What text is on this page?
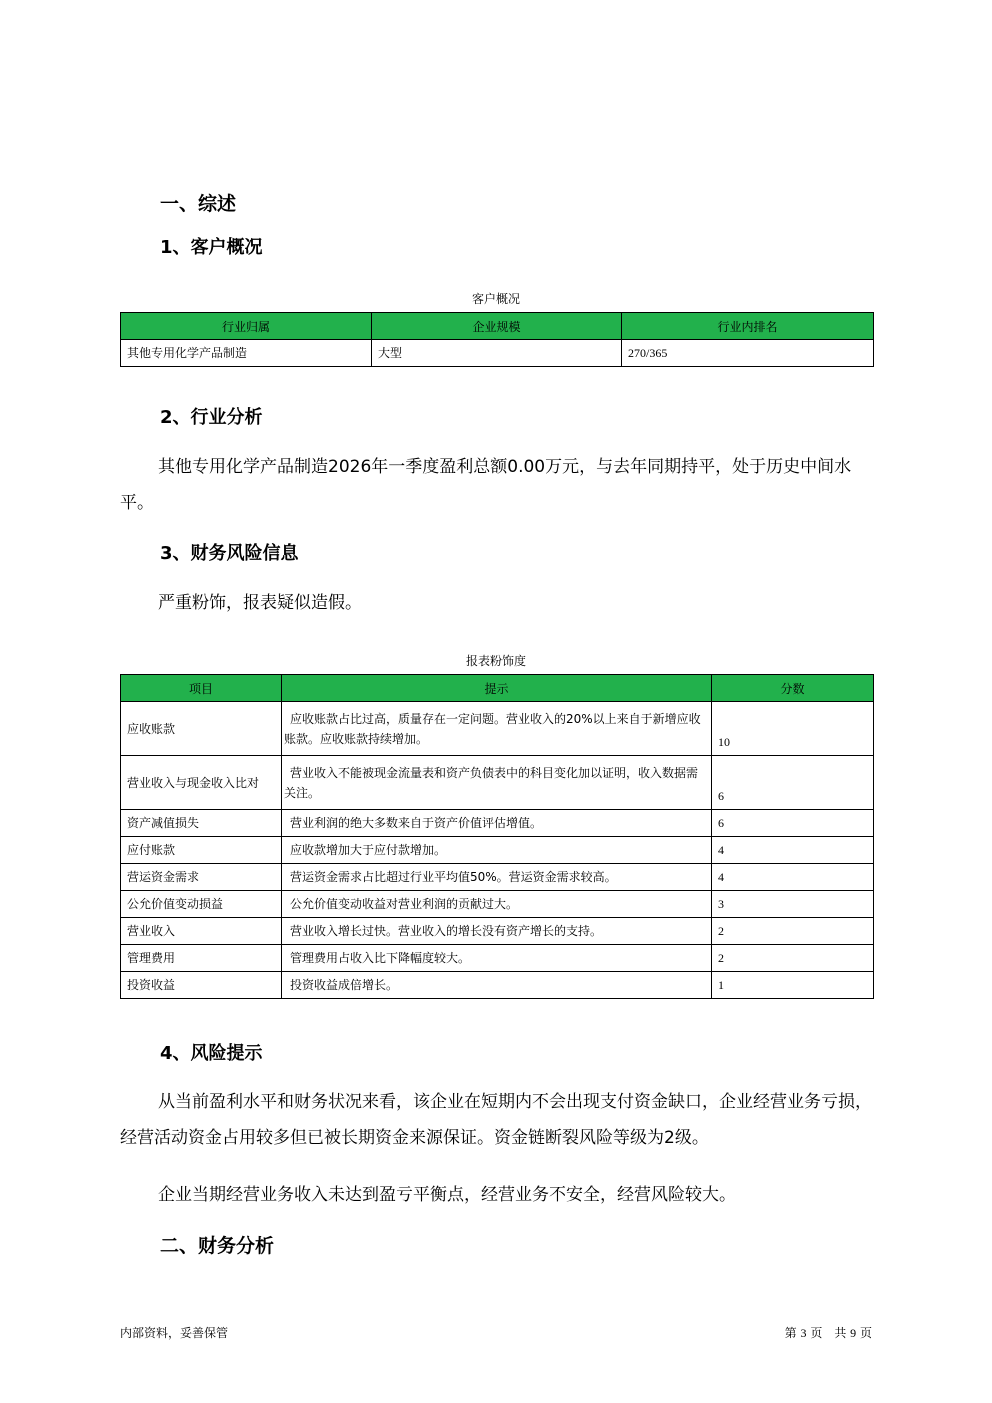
一、综述
1、客户概况
客户概况
行业归属	企业规模	行业内排名
其他专用化学产品制造	大型	270/365
2、行业分析

其他专用化学产品制造2026年一季度盈利总额0.00万元，与去年同期持平，处于历史中间水平。

3、财务风险信息

严重粉饰，报表疑似造假。

报表粉饰度
项目	提示	分数
应收账款	应收账款占比过高，质量存在一定问题。营业收入的20%以上来自于新增应收账款。应收账款持续增加。	10
营业收入与现金收入比对	营业收入不能被现金流量表和资产负债表中的科目变化加以证明，收入数据需关注。	6
资产减值损失	营业利润的绝大多数来自于资产价值评估增值。	6
应付账款	应收款增加大于应付款增加。	4
营运资金需求	营运资金需求占比超过行业平均值50%。营运资金需求较高。	4
公允价值变动损益	公允价值变动收益对营业利润的贡献过大。	3
营业收入	营业收入增长过快。营业收入的增长没有资产增长的支持。	2
管理费用	管理费用占收入比下降幅度较大。	2
投资收益	投资收益成倍增长。	1
4、风险提示

从当前盈利水平和财务状况来看，该企业在短期内不会出现支付资金缺口，企业经营业务亏损，经营活动资金占用较多但已被长期资金来源保证。资金链断裂风险等级为2级。

企业当期经营业务收入未达到盈亏平衡点，经营业务不安全，经营风险较大。

二、财务分析
内部资料，妥善保管	第 3 页　共 9 页
